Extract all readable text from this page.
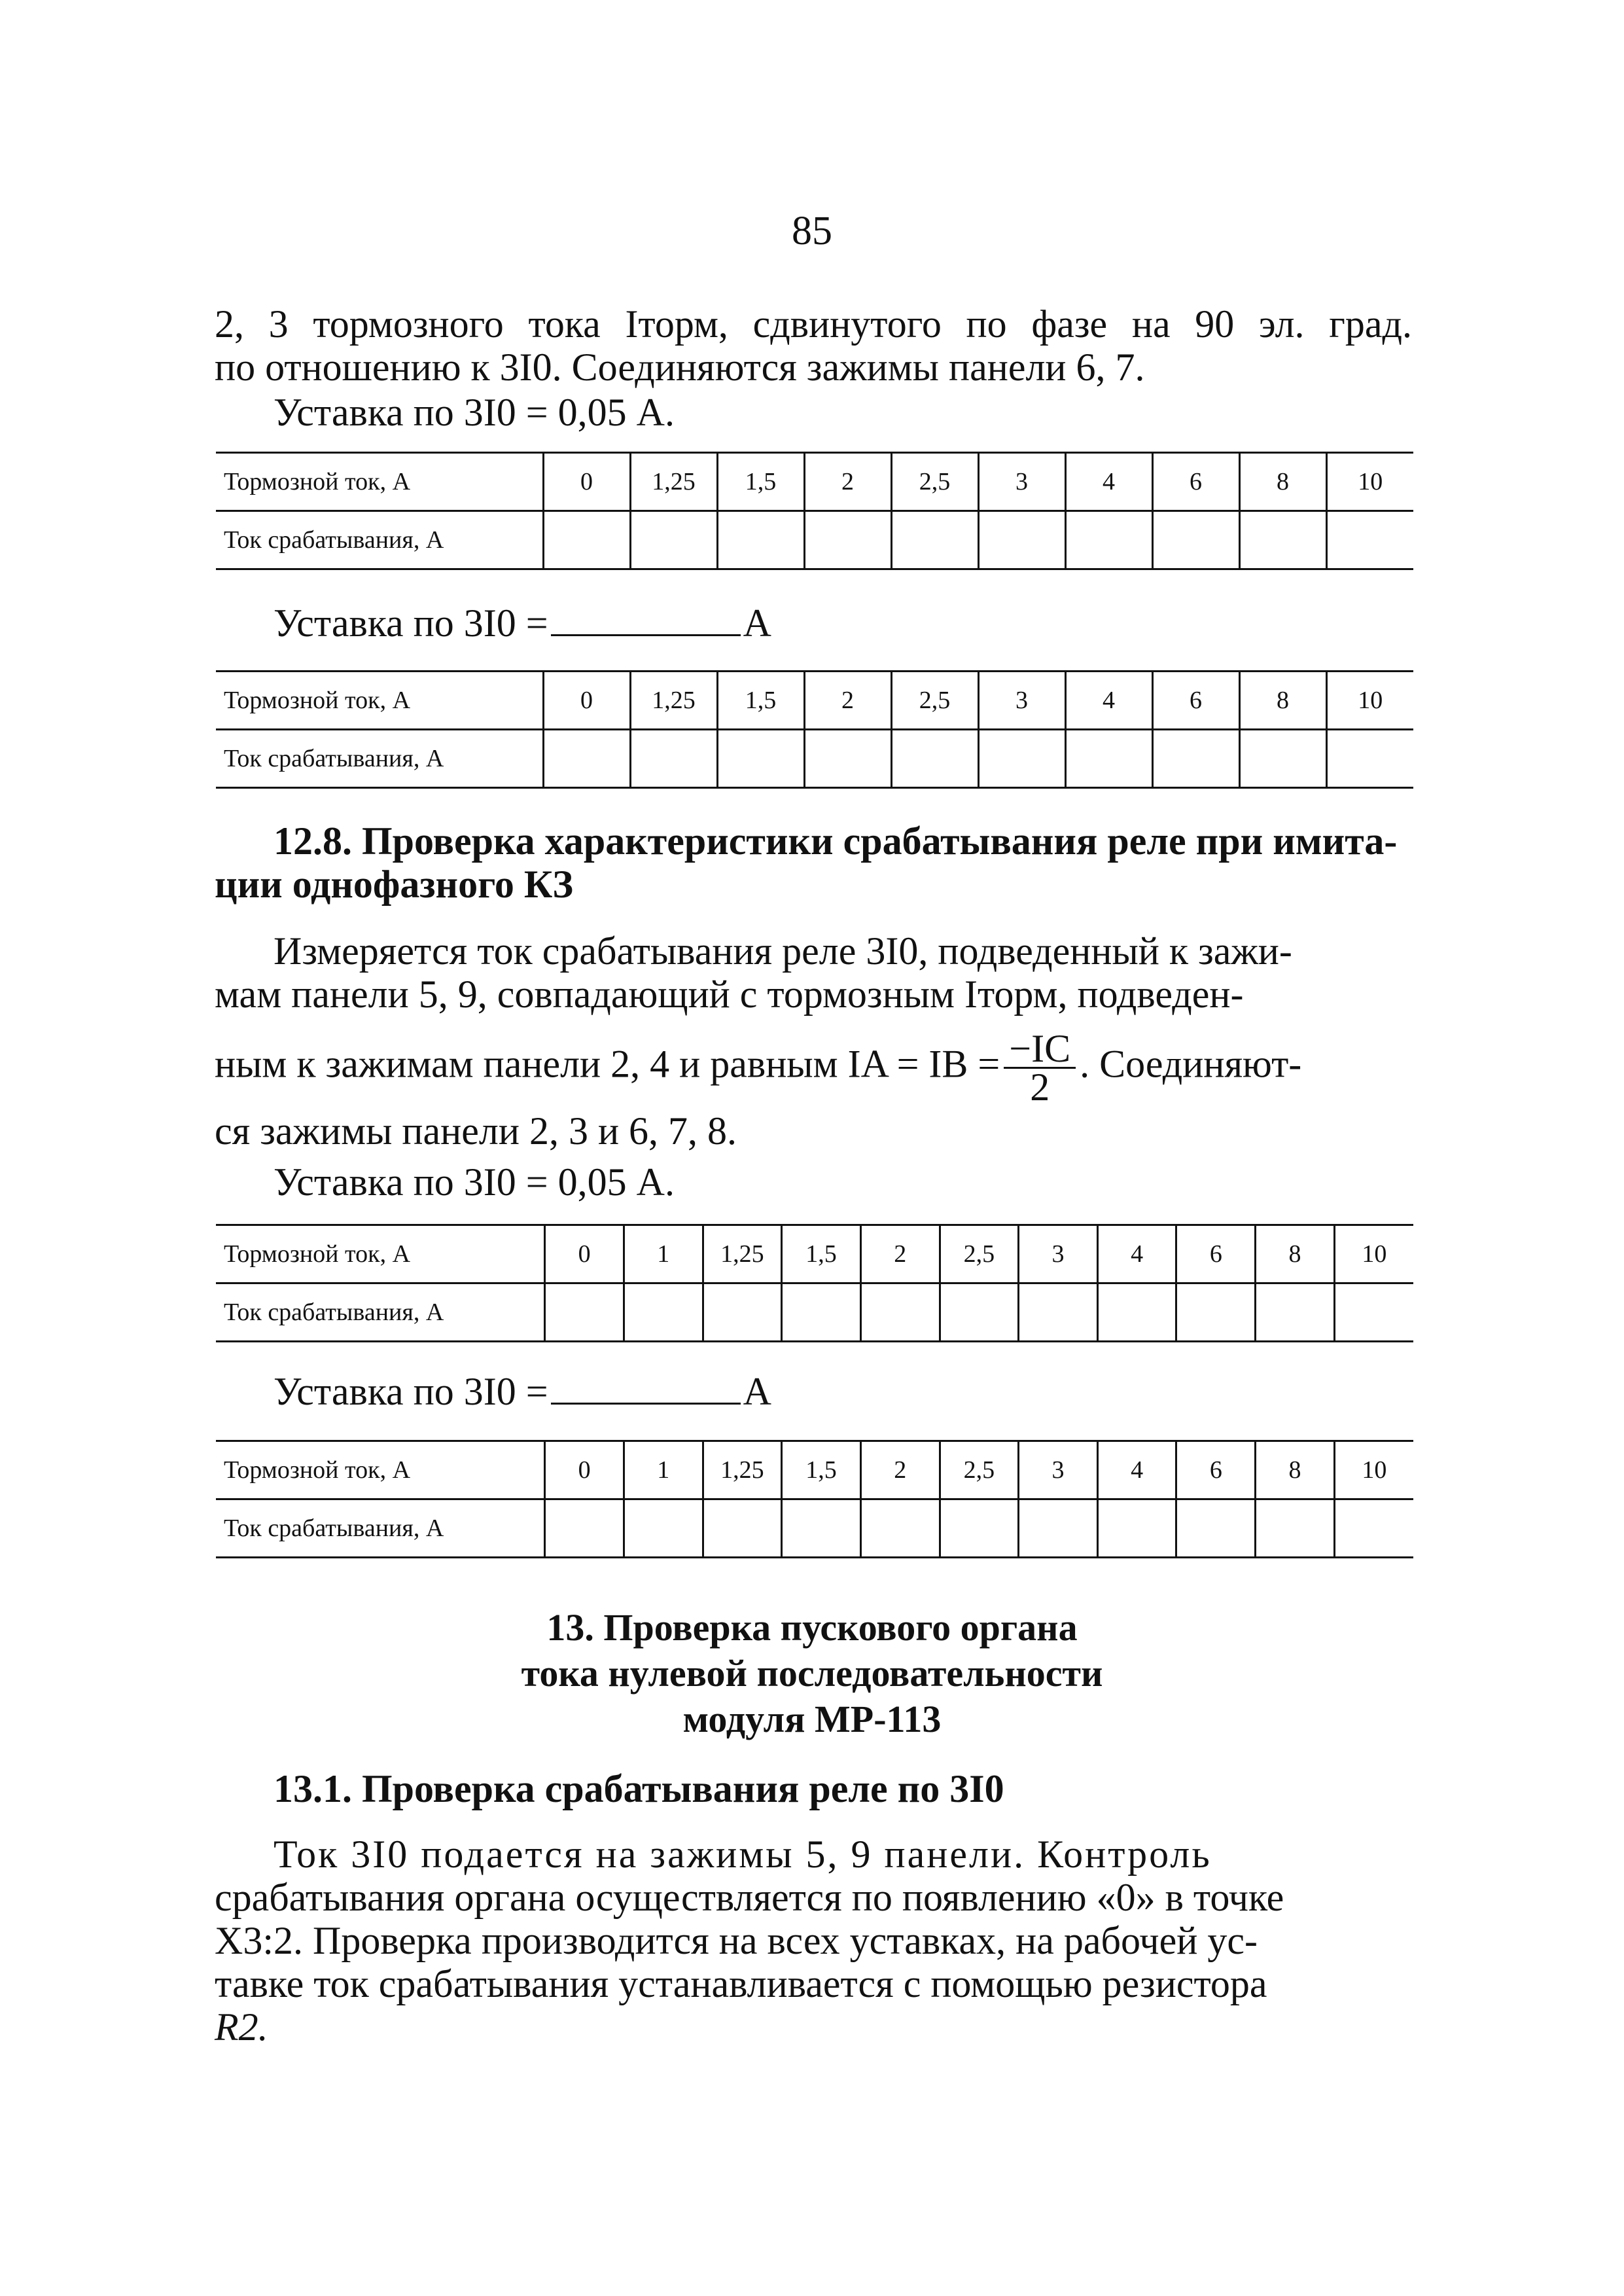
85
2, 3 тормозного тока Iторм, сдвинутого по фазе на 90 эл. град.
по отношению к 3I0. Соединяются зажимы панели 6, 7.
Уставка по 3I0 = 0,05 А.
Тормозной ток, А	0	1,25	1,5	2	2,5	3	4	6	8	10
Ток срабатывания, А										
Уставка по 3I0 =	А
Тормозной ток, А	0	1,25	1,5	2	2,5	3	4	6	8	10
Ток срабатывания, А										
12.8. Проверка характеристики срабатывания реле при имита-
ции однофазного КЗ
Измеряется ток срабатывания реле 3I0, подведенный к зажи-
мам панели 5, 9, совпадающий с тормозным Iторм, подведен-
ным к зажимам панели 2, 4 и равным IA = IB = $\frac{-IC}{2}$ . Соединяют-
ся зажимы панели 2, 3 и 6, 7, 8.
Уставка по 3I0 = 0,05 А.
Тормозной ток, А	0	1	1,25	1,5	2	2,5	3	4	6	8	10
Ток срабатывания, А											
Уставка по 3I0 =	А
Тормозной ток, А	0	1	1,25	1,5	2	2,5	3	4	6	8	10
Ток срабатывания, А											
13. Проверка пускового органа
тока нулевой последовательности
модуля МР-113
13.1. Проверка срабатывания реле по 3I0
Ток 3I0 подается на зажимы 5, 9 панели. Контроль
срабатывания органа осуществляется по появлению «0» в точке
Х3:2. Проверка производится на всех уставках, на рабочей ус-
тавке ток срабатывания устанавливается с помощью резистора
R2.
